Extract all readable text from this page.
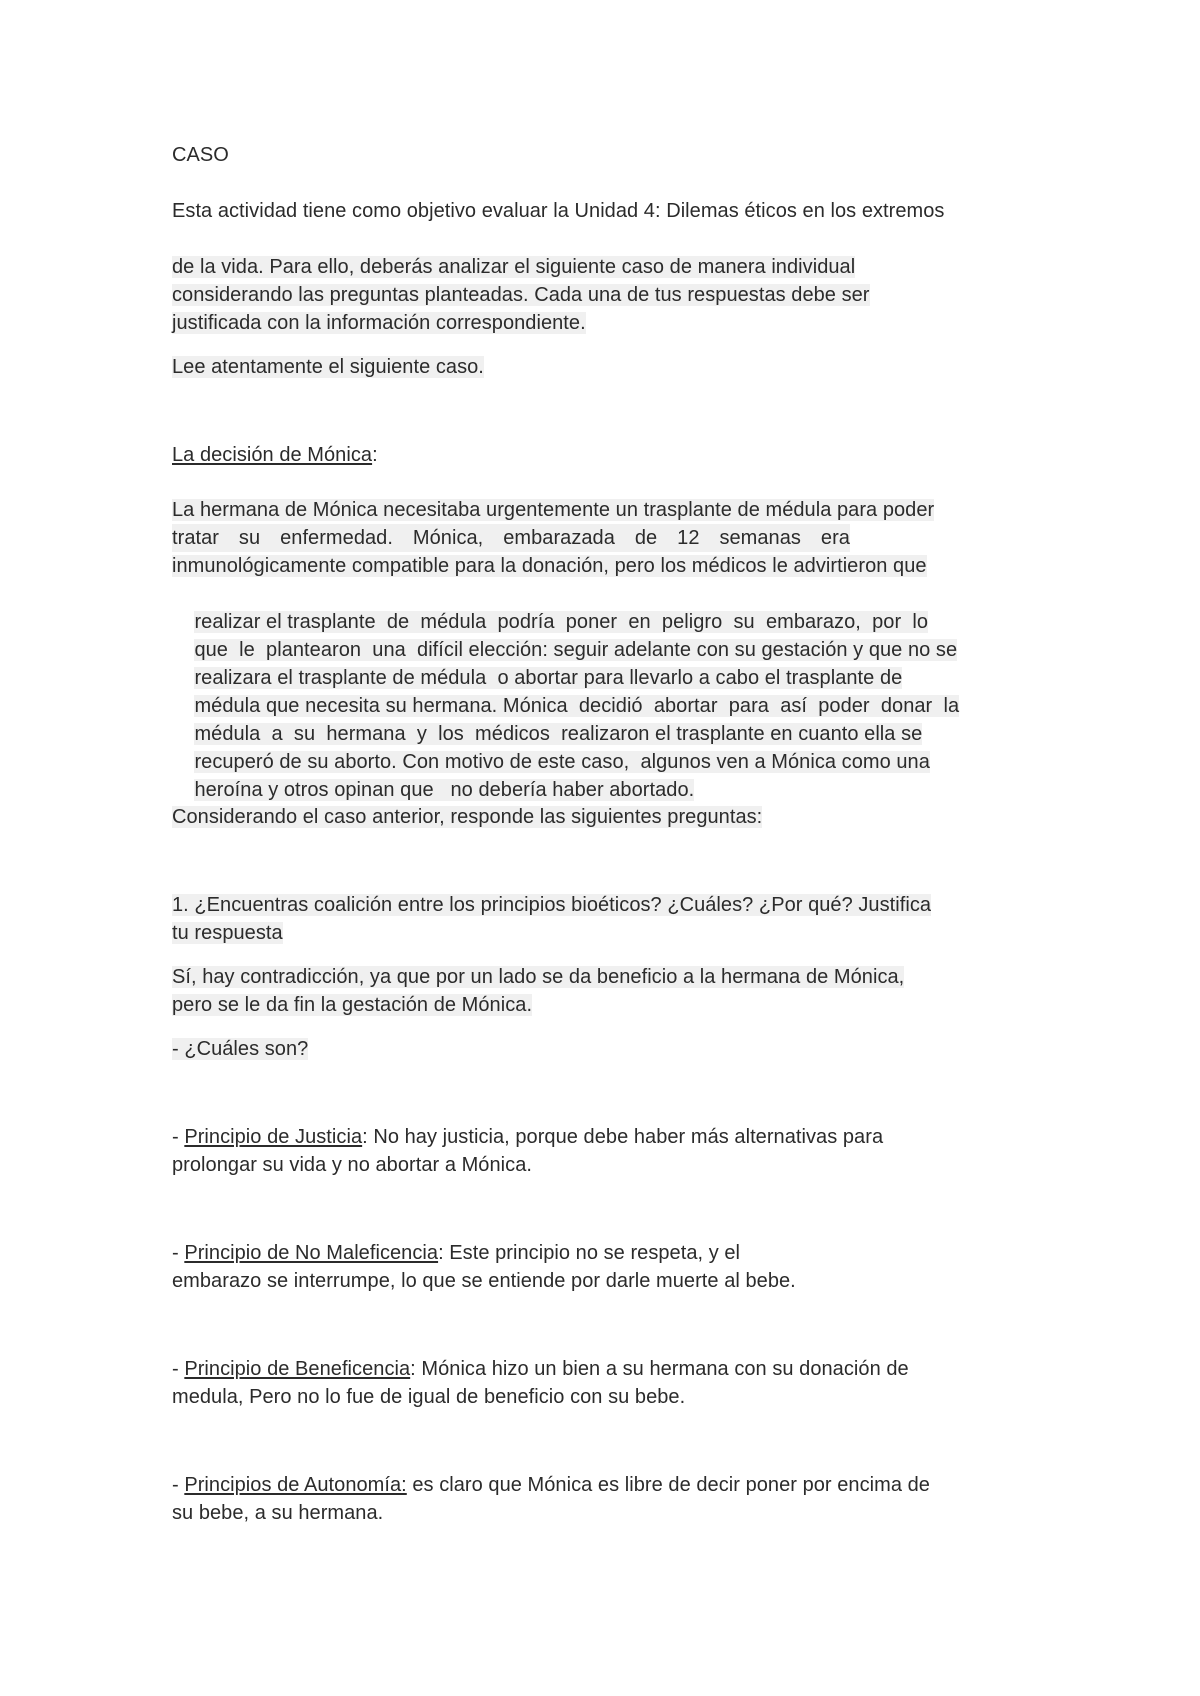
CASO
Esta actividad tiene como objetivo evaluar la Unidad 4: Dilemas éticos en los extremos
de la vida. Para ello, deberás analizar el siguiente caso de manera individual
considerando las preguntas planteadas. Cada una de tus respuestas debe ser
justificada con la información correspondiente.
Lee atentamente el siguiente caso.
La decisión de Mónica:
La hermana de Mónica necesitaba urgentemente un trasplante de médula para poder
tratar su enfermedad. Mónica, embarazada de 12 semanas era
inmunológicamente compatible para la donación, pero los médicos le advirtieron que

realizar el trasplante  de  médula  podría  poner  en  peligro  su  embarazo,  por  lo

que  le  plantearon  una  difícil elección: seguir adelante con su gestación y que no se

realizara el trasplante de médula  o abortar para llevarlo a cabo el trasplante de

médula que necesita su hermana. Mónica  decidió  abortar  para  así  poder  donar  la

médula  a  su  hermana  y  los  médicos  realizaron el trasplante en cuanto ella se

recuperó de su aborto. Con motivo de este caso,  algunos ven a Mónica como una

heroína y otros opinan que   no debería haber abortado.

Considerando el caso anterior, responde las siguientes preguntas:
1. ¿Encuentras coalición entre los principios bioéticos? ¿Cuáles? ¿Por qué? Justifica
tu respuesta
Sí, hay contradicción, ya que por un lado se da beneficio a la hermana de Mónica,
pero se le da fin la gestación de Mónica.
- ¿Cuáles son?
- Principio de Justicia: No hay justicia, porque debe haber más alternativas para
prolongar su vida y no abortar a Mónica.
- Principio de No Maleficencia: Este principio no se respeta, y el
embarazo se interrumpe, lo que se entiende por darle muerte al bebe.
- Principio de Beneficencia: Mónica hizo un bien a su hermana con su donación de
medula, Pero no lo fue de igual de beneficio con su bebe.
- Principios de Autonomía: es claro que Mónica es libre de decir poner por encima de
su bebe, a su hermana.
